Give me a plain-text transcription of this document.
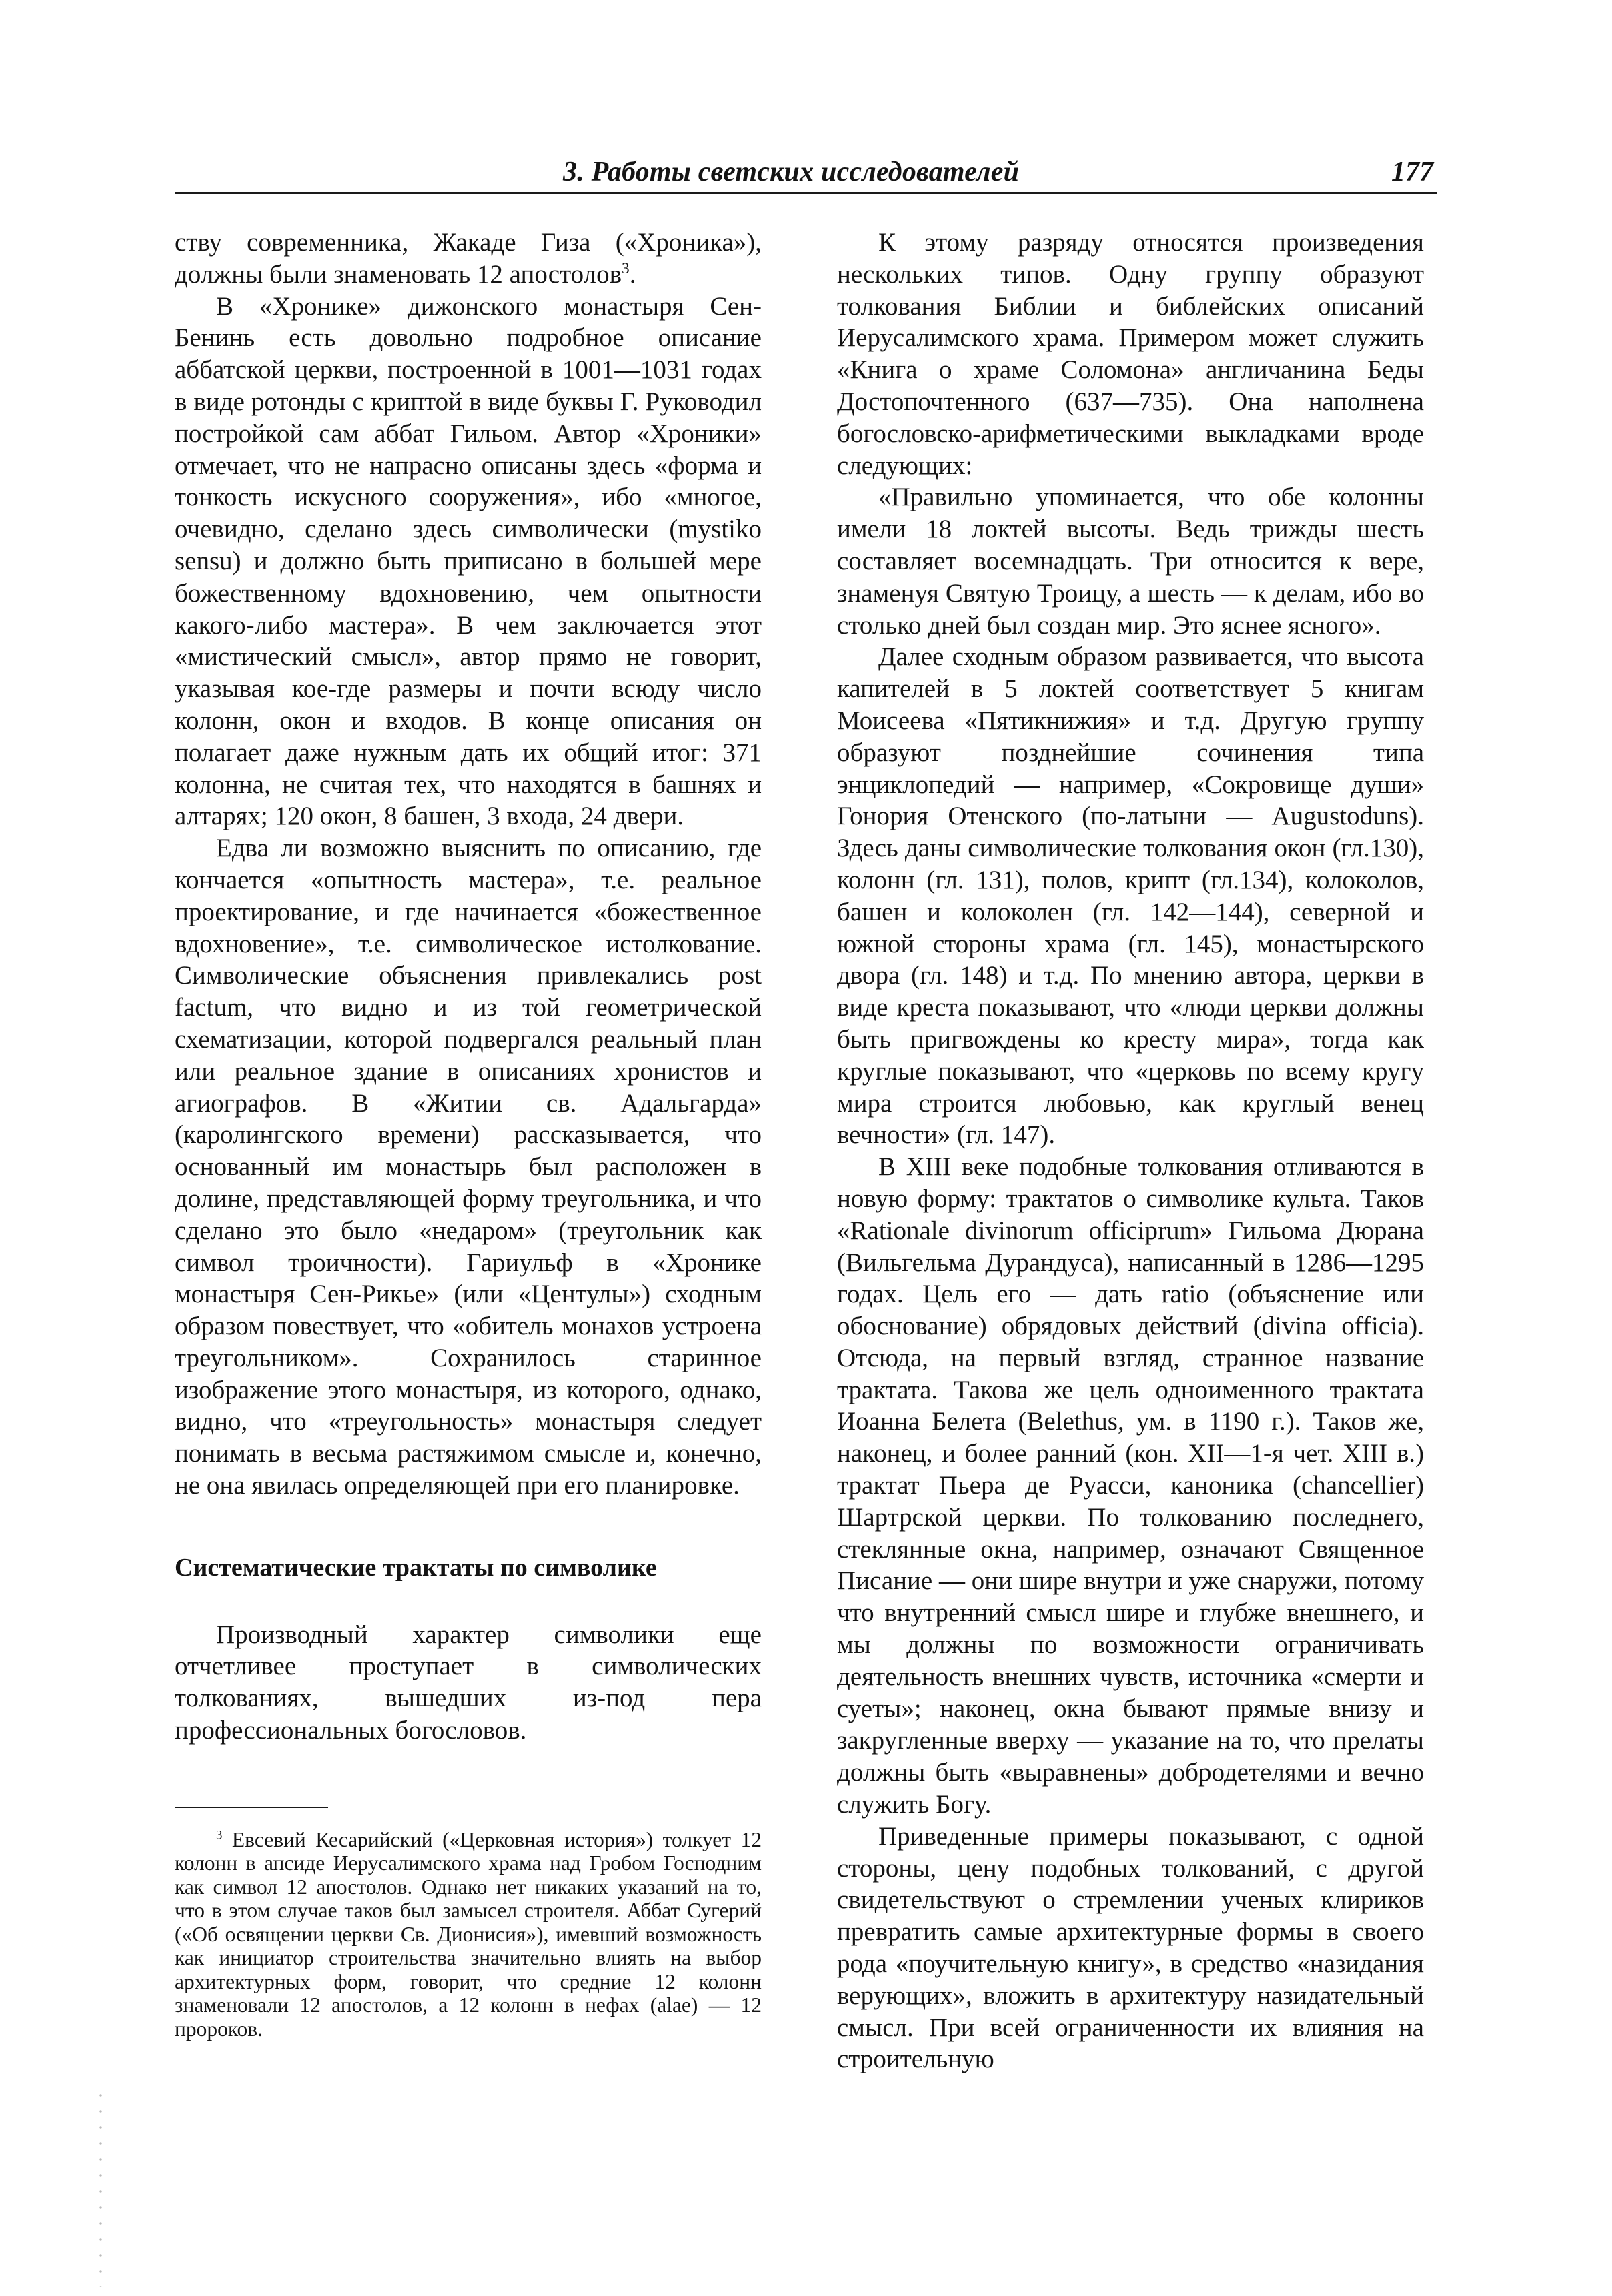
3. Работы светских исследователей	177

ству современника, Жакаде Гиза («Хроника»), должны были знаменовать 12 апостолов$^3$.

В «Хронике» дижонского монастыря Сен-Бенинь есть довольно подробное описание аббатской церкви, построенной в 1001—1031 годах в виде ротонды с криптой в виде буквы Г. Руководил постройкой сам аббат Гильом. Автор «Хроники» отмечает, что не напрасно описаны здесь «форма и тонкость искусного сооружения», ибо «многое, очевидно, сделано здесь символически (mystiko sensu) и должно быть приписано в большей мере божественному вдохновению, чем опытности какого-либо мастера». В чем заключается этот «мистический смысл», автор прямо не говорит, указывая кое-где размеры и почти всюду число колонн, окон и входов. В конце описания он полагает даже нужным дать их общий итог: 371 колонна, не считая тех, что находятся в башнях и алтарях; 120 окон, 8 башен, 3 входа, 24 двери.

Едва ли возможно выяснить по описанию, где кончается «опытность мастера», т.е. реальное проектирование, и где начинается «божественное вдохновение», т.е. символическое истолкование. Символические объяснения привлекались post factum, что видно и из той геометрической схематизации, которой подвергался реальный план или реальное здание в описаниях хронистов и агиографов. В «Житии св. Адальгарда» (каролингского времени) рассказывается, что основанный им монастырь был расположен в долине, представляющей форму треугольника, и что сделано это было «недаром» (треугольник как символ троичности). Гариульф в «Хронике монастыря Сен-Рикье» (или «Центулы») сходным образом повествует, что «обитель монахов устроена треугольником». Сохранилось старинное изображение этого монастыря, из которого, однако, видно, что «треугольность» монастыря следует понимать в весьма растяжимом смысле и, конечно, не она явилась определяющей при его планировке.

Систематические трактаты по символике

Производный характер символики еще отчетливее проступает в символических толкованиях, вышедших из-под пера профессиональных богословов.

$^3$ Евсевий Кесарийский («Церковная история») толкует 12 колонн в апсиде Иерусалимского храма над Гробом Господним как символ 12 апостолов. Однако нет никаких указаний на то, что в этом случае таков был замысел строителя. Аббат Сугерий («Об освящении церкви Св. Дионисия»), имевший возможность как инициатор строительства значительно влиять на выбор архитектурных форм, говорит, что средние 12 колонн знаменовали 12 апостолов, а 12 колонн в нефах (alae) — 12 пророков.

К этому разряду относятся произведения нескольких типов. Одну группу образуют толкования Библии и библейских описаний Иерусалимского храма. Примером может служить «Книга о храме Соломона» англичанина Беды Достопочтенного (637—735). Она наполнена богословско-арифметическими выкладками вроде следующих:

«Правильно упоминается, что обе колонны имели 18 локтей высоты. Ведь трижды шесть составляет восемнадцать. Три относится к вере, знаменуя Святую Троицу, а шесть — к делам, ибо во столько дней был создан мир. Это яснее ясного».

Далее сходным образом развивается, что высота капителей в 5 локтей соответствует 5 книгам Моисеева «Пятикнижия» и т.д. Другую группу образуют позднейшие сочинения типа энциклопедий — например, «Сокровище души» Гонория Отенского (по-латыни — Augustoduns). Здесь даны символические толкования окон (гл.130), колонн (гл. 131), полов, крипт (гл.134), колоколов, башен и колоколен (гл. 142—144), северной и южной стороны храма (гл. 145), монастырского двора (гл. 148) и т.д. По мнению автора, церкви в виде креста показывают, что «люди церкви должны быть пригвождены ко кресту мира», тогда как круглые показывают, что «церковь по всему кругу мира строится любовью, как круглый венец вечности» (гл. 147).

В XIII веке подобные толкования отливаются в новую форму: трактатов о символике культа. Таков «Rationale divinorum officiprum» Гильома Дюрана (Вильгельма Дурандуса), написанный в 1286—1295 годах. Цель его — дать ratio (объяснение или обоснование) обрядовых действий (divina officia). Отсюда, на первый взгляд, странное название трактата. Такова же цель одноименного трактата Иоанна Белета (Belethus, ум. в 1190 г.). Таков же, наконец, и более ранний (кон. XII—1-я чет. XIII в.) трактат Пьера де Руасси, каноника (chancellier) Шартрской церкви. По толкованию последнего, стеклянные окна, например, означают Священное Писание — они шире внутри и уже снаружи, потому что внутренний смысл шире и глубже внешнего, и мы должны по возможности ограничивать деятельность внешних чувств, источника «смерти и суеты»; наконец, окна бывают прямые внизу и закругленные вверху — указание на то, что прелаты должны быть «выравнены» добродетелями и вечно служить Богу.

Приведенные примеры показывают, с одной стороны, цену подобных толкований, с другой свидетельствуют о стремлении ученых клириков превратить самые архитектурные формы в своего рода «поучительную книгу», в средство «назидания верующих», вложить в архитектуру назидательный смысл. При всей ограниченности их влияния на строительную
